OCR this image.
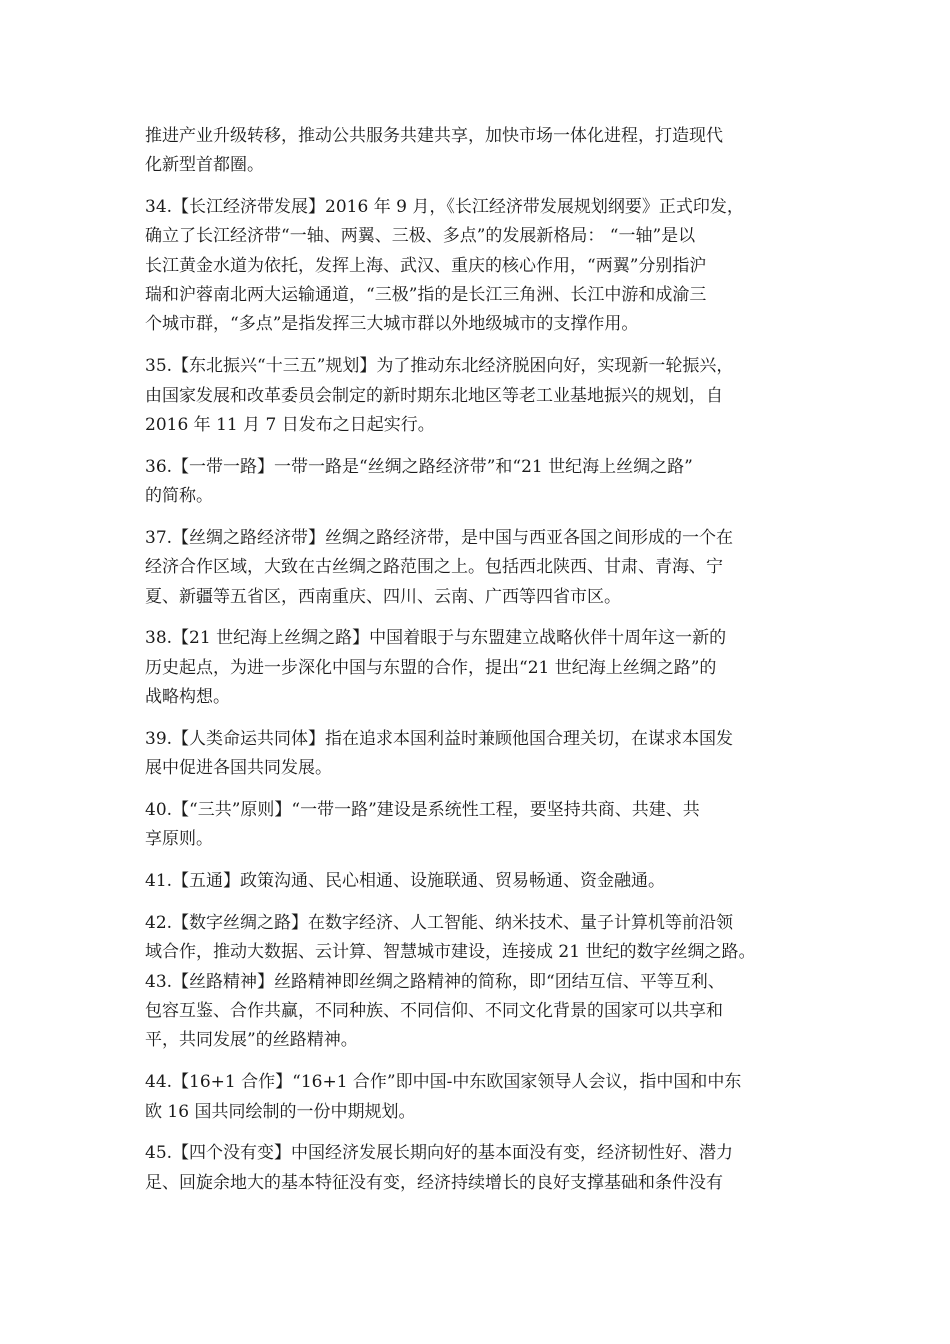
推进产业升级转移，推动公共服务共建共享，加快市场一体化进程，打造现代
化新型首都圈。
34.【长江经济带发展】2016 年 9 月，《长江经济带发展规划纲要》正式印发，
确立了长江经济带“一轴、两翼、三极、多点”的发展新格局： “一轴”是以
长江黄金水道为依托，发挥上海、武汉、重庆的核心作用，“两翼”分别指沪
瑞和沪蓉南北两大运输通道，“三极”指的是长江三角洲、长江中游和成渝三
个城市群，“多点”是指发挥三大城市群以外地级城市的支撑作用。
35.【东北振兴“十三五”规划】为了推动东北经济脱困向好，实现新一轮振兴，
由国家发展和改革委员会制定的新时期东北地区等老工业基地振兴的规划，自
2016 年 11 月 7 日发布之日起实行。
36.【一带一路】一带一路是“丝绸之路经济带”和“21 世纪海上丝绸之路”
的简称。
37.【丝绸之路经济带】丝绸之路经济带，是中国与西亚各国之间形成的一个在
经济合作区域，大致在古丝绸之路范围之上。包括西北陕西、甘肃、青海、宁
夏、新疆等五省区，西南重庆、四川、云南、广西等四省市区。
38.【21 世纪海上丝绸之路】中国着眼于与东盟建立战略伙伴十周年这一新的
历史起点，为进一步深化中国与东盟的合作，提出“21 世纪海上丝绸之路”的
战略构想。
39.【人类命运共同体】指在追求本国利益时兼顾他国合理关切，在谋求本国发
展中促进各国共同发展。
40.【“三共”原则】“一带一路”建设是系统性工程，要坚持共商、共建、共
享原则。
41.【五通】政策沟通、民心相通、设施联通、贸易畅通、资金融通。
42.【数字丝绸之路】在数字经济、人工智能、纳米技术、量子计算机等前沿领
域合作，推动大数据、云计算、智慧城市建设，连接成 21 世纪的数字丝绸之路。
43.【丝路精神】丝路精神即丝绸之路精神的简称，即“团结互信、平等互利、
包容互鉴、合作共赢，不同种族、不同信仰、不同文化背景的国家可以共享和
平，共同发展”的丝路精神。
44.【16+1 合作】“16+1 合作”即中国-中东欧国家领导人会议，指中国和中东
欧 16 国共同绘制的一份中期规划。
45.【四个没有变】中国经济发展长期向好的基本面没有变，经济韧性好、潜力
足、回旋余地大的基本特征没有变，经济持续增长的良好支撑基础和条件没有
